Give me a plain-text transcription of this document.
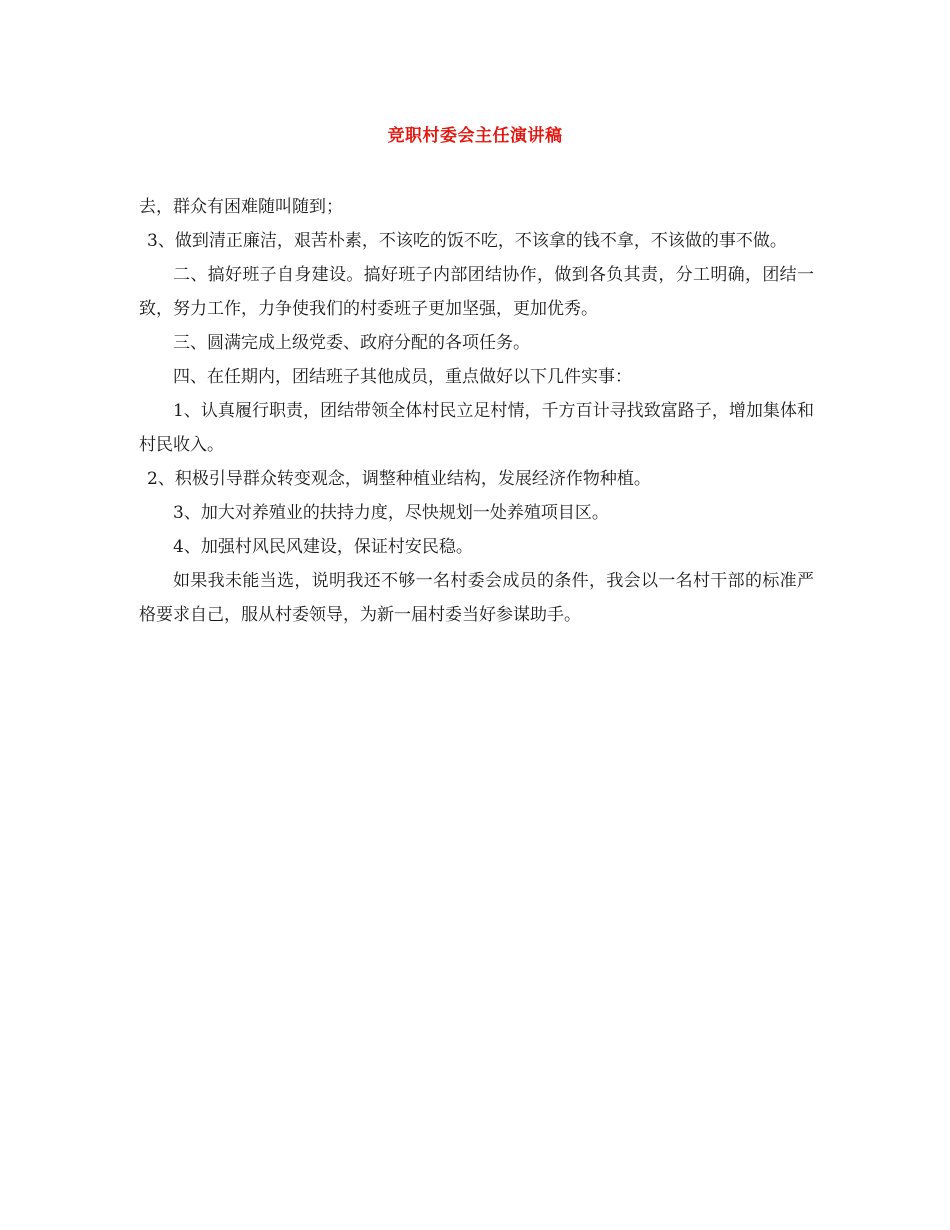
竞职村委会主任演讲稿

去，群众有困难随叫随到；

3、做到清正廉洁，艰苦朴素，不该吃的饭不吃，不该拿的钱不拿，不该做的事不做。

二、搞好班子自身建设。搞好班子内部团结协作，做到各负其责，分工明确，团结一致，努力工作，力争使我们的村委班子更加坚强，更加优秀。

三、圆满完成上级党委、政府分配的各项任务。

四、在任期内，团结班子其他成员，重点做好以下几件实事：

1、认真履行职责，团结带领全体村民立足村情，千方百计寻找致富路子，增加集体和村民收入。

2、积极引导群众转变观念，调整种植业结构，发展经济作物种植。

3、加大对养殖业的扶持力度，尽快规划一处养殖项目区。

4、加强村风民风建设，保证村安民稳。

如果我未能当选，说明我还不够一名村委会成员的条件，我会以一名村干部的标准严格要求自己，服从村委领导，为新一届村委当好参谋助手。
